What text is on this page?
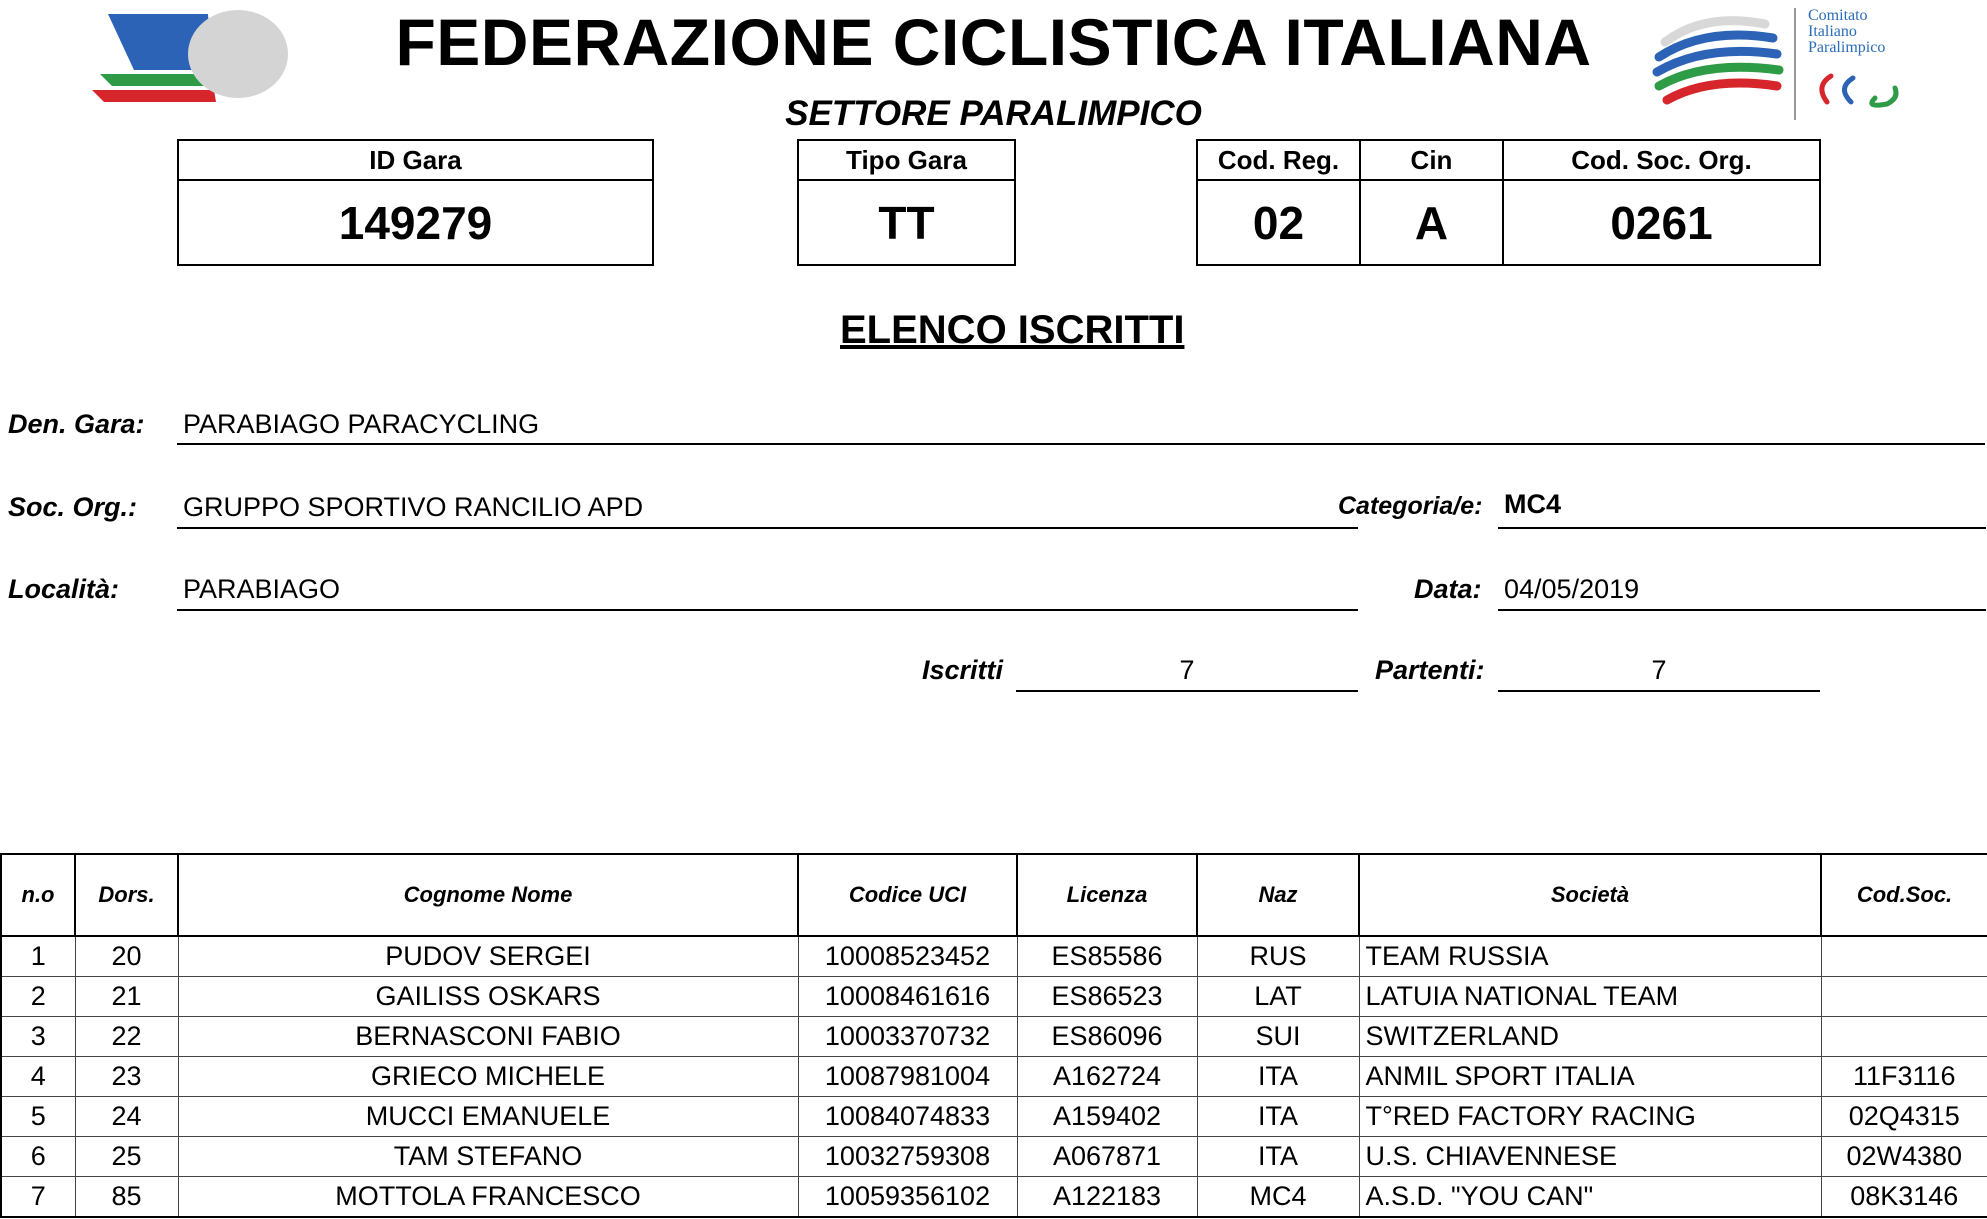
Comitato
Italiano
Paralimpico
FEDERAZIONE CICLISTICA ITALIANA
SETTORE PARALIMPICO
ID Gara
149279
Tipo Gara
TT
Cod. Reg.	Cin	Cod. Soc. Org.
02	A	0261
ELENCO ISCRITTI
Den. Gara: PARABIAGO PARACYCLING
Soc. Org.: GRUPPO SPORTIVO RANCILIO APD	Categoria/e: MC4
Località: PARABIAGO	Data: 04/05/2019
Iscritti	7	Partenti:	7
n.o	Dors.	Cognome Nome	Codice UCI	Licenza	Naz	Società	Cod.Soc.
1	20	PUDOV SERGEI	10008523452	ES85586	RUS	TEAM RUSSIA	
2	21	GAILISS OSKARS	10008461616	ES86523	LAT	LATUIA NATIONAL TEAM	
3	22	BERNASCONI FABIO	10003370732	ES86096	SUI	SWITZERLAND	
4	23	GRIECO MICHELE	10087981004	A162724	ITA	ANMIL SPORT ITALIA	11F3116
5	24	MUCCI EMANUELE	10084074833	A159402	ITA	T°RED FACTORY RACING	02Q4315
6	25	TAM STEFANO	10032759308	A067871	ITA	U.S. CHIAVENNESE	02W4380
7	85	MOTTOLA FRANCESCO	10059356102	A122183	MC4	A.S.D. "YOU CAN"	08K3146
